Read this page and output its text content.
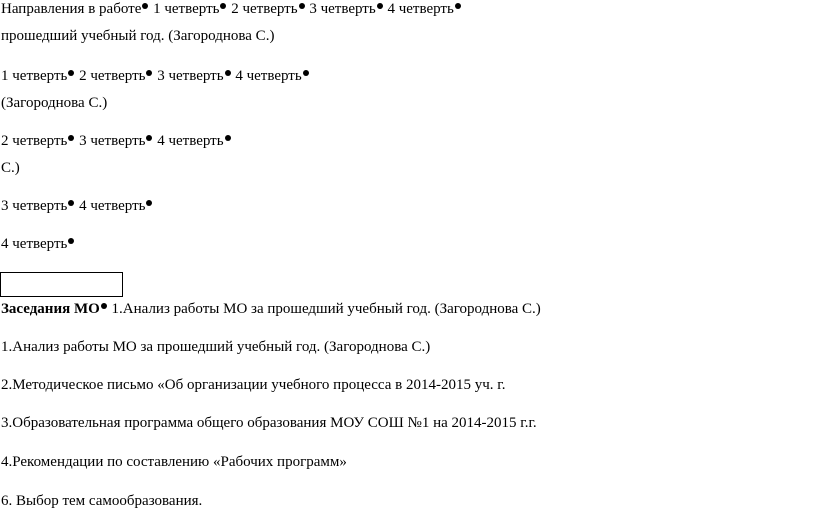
Направления в работе 1 четверть 2 четверть 3 четверть 4 четверть
прошедший учебный год. (Загороднова С.)
1 четверть 2 четверть 3 четверть 4 четверть
(Загороднова С.)
2 четверть 3 четверть 4 четверть
С.)
3 четверть 4 четверть
4 четверть
Заседания МО 1.Анализ работы МО за прошедший учебный год. (Загороднова С.)
1.Анализ работы МО за прошедший учебный год. (Загороднова С.)
2.Методическое письмо «Об организации учебного процесса в 2014-2015 уч. г.
3.Образовательная программа общего образования МОУ СОШ №1 на 2014-2015 г.г.
4.Рекомендации по составлению «Рабочих программ»
6. Выбор тем самообразования.
